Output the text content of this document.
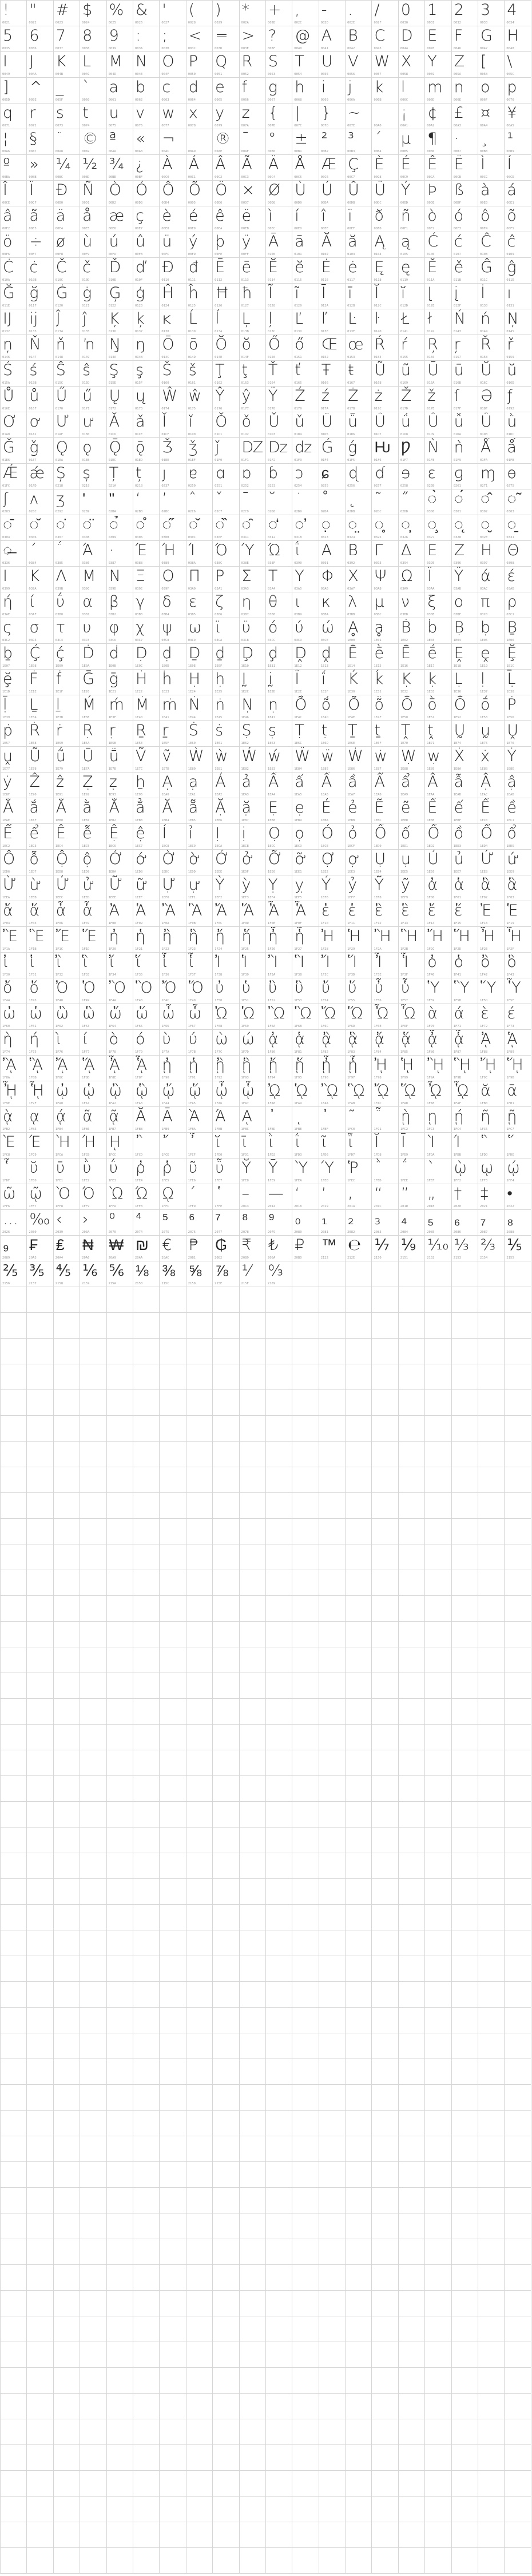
!
0021
"
0022
#
0023
$
0024
%
0025
&
0026
'
0027
(
0028
)
0029
*
002A
+
002B
,
002C
-
002D
.
002E
/
002F
0
0030
1
0031
2
0032
3
0033
4
0034
5
0035
6
0036
7
0037
8
0038
9
0039
:
003A
;
003B
<
003C
=
003D
>
003E
?
003F
@
0040
A
0041
B
0042
C
0043
D
0044
E
0045
F
0046
G
0047
H
0048
I
0049
J
004A
K
004B
L
004C
M
004D
N
004E
O
004F
P
0050
Q
0051
R
0052
S
0053
T
0054
U
0055
V
0056
W
0057
X
0058
Y
0059
Z
005A
[
005B
\
005C
]
005D
^
005E
_
005F
`
0060
a
0061
b
0062
c
0063
d
0064
e
0065
f
0066
g
0067
h
0068
i
0069
j
006A
k
006B
l
006C
m
006D
n
006E
o
006F
p
0070
q
0071
r
0072
s
0073
t
0074
u
0075
v
0076
w
0077
x
0078
y
0079
z
007A
{
007B
|
007C
}
007D
~
007E
	00A0
¡
00A1
¢
00A2
£
00A3
¤
00A4
¥
00A5
¦
00A6
§
00A7
¨
00A8
©
00A9
ª
00AA
«
00AB
¬
00AC	00AD
®
00AE
¯
00AF
°
00B0
±
00B1
²
00B2
³
00B3
´
00B4
µ
00B5
¶
00B6
·
00B7
¸
00B8
¹
00B9
º
00BA
»
00BB
¼
00BC
½
00BD
¾
00BE
¿
00BF
À
00C0
Á
00C1
Â
00C2
Ã
00C3
Ä
00C4
Å
00C5
Æ
00C6
Ç
00C7
È
00C8
É
00C9
Ê
00CA
Ë
00CB
Ì
00CC
Í
00CD
Î
00CE
Ï
00CF
Ð
00D0
Ñ
00D1
Ò
00D2
Ó
00D3
Ô
00D4
Õ
00D5
Ö
00D6
×
00D7
Ø
00D8
Ù
00D9
Ú
00DA
Û
00DB
Ü
00DC
Ý
00DD
Þ
00DE
ß
00DF
à
00E0
á
00E1
â
00E2
ã
00E3
ä
00E4
å
00E5
æ
00E6
ç
00E7
è
00E8
é
00E9
ê
00EA
ë
00EB
ì
00EC
í
00ED
î
00EE
ï
00EF
ð
00F0
ñ
00F1
ò
00F2
ó
00F3
ô
00F4
õ
00F5
ö
00F6
÷
00F7
ø
00F8
ù
00F9
ú
00FA
û
00FB
ü
00FC
ý
00FD
þ
00FE
ÿ
00FF
Ā
0100
ā
0101
Ă
0102
ă
0103
Ą
0104
ą
0105
Ć
0106
ć
0107
Ĉ
0108
ĉ
0109
Ċ
010A
ċ
010B
Č
010C
č
010D
Ď
010E
ď
010F
Đ
0110
đ
0111
Ē
0112
ē
0113
Ĕ
0114
ĕ
0115
Ė
0116
ė
0117
Ę
0118
ę
0119
Ě
011A
ě
011B
Ĝ
011C
ĝ
011D
Ğ
011E
ğ
011F
Ġ
0120
ġ
0121
Ģ
0122
ģ
0123
Ĥ
0124
ĥ
0125
Ħ
0126
ħ
0127
Ĩ
0128
ĩ
0129
Ī
012A
ī
012B
Ĭ
012C
ĭ
012D
Į
012E
į
012F
İ
0130
ı
0131
Ĳ
0132
ĳ
0133
Ĵ
0134
ĵ
0135
Ķ
0136
ķ
0137
ĸ
0138
Ĺ
0139
ĺ
013A
Ļ
013B
ļ
013C
Ľ
013D
ľ
013E
Ŀ
013F
ŀ
0140
Ł
0141
ł
0142
Ń
0143
ń
0144
Ņ
0145
ņ
0146
Ň
0147
ň
0148
ŉ
0149
Ŋ
014A
ŋ
014B
Ō
014C
ō
014D
Ŏ
014E
ŏ
014F
Ő
0150
ő
0151
Œ
0152
œ
0153
Ŕ
0154
ŕ
0155
Ŗ
0156
ŗ
0157
Ř
0158
ř
0159
Ś
015A
ś
015B
Ŝ
015C
ŝ
015D
Ş
015E
ş
015F
Š
0160
š
0161
Ţ
0162
ţ
0163
Ť
0164
ť
0165
Ŧ
0166
ŧ
0167
Ũ
0168
ũ
0169
Ū
016A
ū
016B
Ŭ
016C
ŭ
016D
Ů
016E
ů
016F
Ű
0170
ű
0171
Ų
0172
ų
0173
Ŵ
0174
ŵ
0175
Ŷ
0176
ŷ
0177
Ÿ
0178
Ź
0179
ź
017A
Ż
017B
ż
017C
Ž
017D
ž
017E
ſ
017F
Ə
018F
ƒ
0192
Ơ
01A0
ơ
01A1
Ư
01AF
ư
01B0
Ǎ
01CD
ǎ
01CE
Ǐ
01CF
ǐ
01D0
Ǒ
01D1
ǒ
01D2
Ǔ
01D3
ǔ
01D4
Ǖ
01D5
ǖ
01D6
Ǘ
01D7
ǘ
01D8
Ǚ
01D9
ǚ
01DA
Ǜ
01DB
ǜ
01DC
Ǧ
01E6
ǧ
01E7
Ǫ
01EA
ǫ
01EB
Ǭ
01EC
ǭ
01ED
Ǯ
01EE
ǯ
01EF
ǰ
01F0
Ǳ
01F1
ǲ
01F2
ǳ
01F3
Ǵ
01F4
ǵ
01F5
Ƕ
01F6
Ƿ
01F7
Ǹ
01F8
ǹ
01F9
Ǻ
01FA
ǻ
01FB
Ǽ
01FC
ǽ
01FD
Ș
0218
ș
0219
Ț
021A
ț
021B
ȷ
0237
ɐ
0250
ɑ
0251
ɒ
0252
ɓ
0253
ɔ
0254
ɕ
0255
ɖ
0256
ɗ
0257
ɘ
0258
ɛ
025B
ɡ
0261
ɱ
0271
ɵ
0275
ʃ
0283
ʌ
028C
ʒ
0292
ʹ
02B9
ʺ
02BA
ʻ
02BB
ʼ
02BC
ˆ
02C6
ˇ
02C7
ˉ
02C9
˘
02D8
˙
02D9
˚
02DA
˛
02DB
˜
02DC
˝
02DD
◌̀
0300
◌́
0301
◌̂
0302
◌̃
0303
◌̄
0304
◌̆
0306
◌̇
0307
◌̈
0308
◌̉
0309
◌̊
030A
◌̋
030B
◌̌
030C
◌̏
030F
◌̑
0311
◌̒
0312
◌̛
031B
◌̣
0323
◌̤
0324
◌̥
0325
◌̦
0326
◌̧
0327
◌̨
0328
◌̮
032E
◌̱
0331
◌̶
0336
΄
0384
΅
0385
Ά
0386
·
0387
Έ
0388
Ή
0389
Ί
038A
Ό
038C
Ύ
038E
Ώ
038F
ΐ
0390
Α
0391
Β
0392
Γ
0393
Δ
0394
Ε
0395
Ζ
0396
Η
0397
Θ
0398
Ι
0399
Κ
039A
Λ
039B
Μ
039C
Ν
039D
Ξ
039E
Ο
039F
Π
03A0
Ρ
03A1
Σ
03A3
Τ
03A4
Υ
03A5
Φ
03A6
Χ
03A7
Ψ
03A8
Ω
03A9
Ϊ
03AA
Ϋ
03AB
ά
03AC
έ
03AD
ή
03AE
ί
03AF
ΰ
03B0
α
03B1
β
03B2
γ
03B3
δ
03B4
ε
03B5
ζ
03B6
η
03B7
θ
03B8
ι
03B9
κ
03BA
λ
03BB
μ
03BC
ν
03BD
ξ
03BE
ο
03BF
π
03C0
ρ
03C1
ς
03C2
σ
03C3
τ
03C4
υ
03C5
φ
03C6
χ
03C7
ψ
03C8
ω
03C9
ϊ
03CA
ϋ
03CB
ό
03CC
ύ
03CD
ώ
03CE
Ḁ
1E00
ḁ
1E01
Ḃ
1E02
ḃ
1E03
Ḅ
1E04
ḅ
1E05
Ḇ
1E06
ḇ
1E07
Ḉ
1E08
ḉ
1E09
Ḋ
1E0A
ḋ
1E0B
Ḍ
1E0C
ḍ
1E0D
Ḏ
1E0E
ḏ
1E0F
Ḑ
1E10
ḑ
1E11
Ḓ
1E12
ḓ
1E13
Ḕ
1E14
ḕ
1E15
Ḗ
1E16
ḗ
1E17
Ḙ
1E18
ḙ
1E19
Ḝ
1E1C
ḝ
1E1D
Ḟ
1E1E
ḟ
1E1F
Ḡ
1E20
ḡ
1E21
Ḣ
1E22
ḣ
1E23
Ḥ
1E24
ḥ
1E25
Ḭ
1E2C
ḭ
1E2D
Ḯ
1E2E
ḯ
1E2F
Ḱ
1E30
ḱ
1E31
Ḳ
1E32
ḳ
1E33
Ḷ
1E36
ḷ
1E37
Ḹ
1E38
ḹ
1E39
Ḻ
1E3A
ḻ
1E3B
Ḿ
1E3E
ḿ
1E3F
Ṁ
1E40
ṁ
1E41
Ṅ
1E44
ṅ
1E45
Ṇ
1E46
ṇ
1E47
Ṍ
1E4C
ṍ
1E4D
Ṏ
1E4E
ṏ
1E4F
Ṑ
1E50
ṑ
1E51
Ṓ
1E52
ṓ
1E53
Ṗ
1E56
ṗ
1E57
Ṙ
1E58
ṙ
1E59
Ṛ
1E5A
ṛ
1E5B
Ṟ
1E5E
ṟ
1E5F
Ṡ
1E60
ṡ
1E61
Ṣ
1E62
ṣ
1E63
Ṭ
1E6C
ṭ
1E6D
Ṯ
1E6E
ṯ
1E6F
Ṱ
1E70
ṱ
1E71
Ṵ
1E74
ṵ
1E75
Ṷ
1E76
ṷ
1E77
Ṹ
1E78
ṹ
1E79
Ṻ
1E7A
ṻ
1E7B
Ṽ
1E7C
ṽ
1E7D
Ẁ
1E80
ẁ
1E81
Ẃ
1E82
ẃ
1E83
Ẅ
1E84
ẅ
1E85
Ẇ
1E86
ẇ
1E87
Ẉ
1E88
ẉ
1E89
Ẋ
1E8A
ẋ
1E8B
Ẏ
1E8E
ẏ
1E8F
Ẑ
1E90
ẑ
1E91
Ẓ
1E92
ẓ
1E93
ẖ
1E96
Ạ
1EA0
ạ
1EA1
Ả
1EA2
ả
1EA3
Ấ
1EA4
ấ
1EA5
Ầ
1EA6
ầ
1EA7
Ẩ
1EA8
ẩ
1EA9
Ẫ
1EAA
ẫ
1EAB
Ậ
1EAC
ậ
1EAD
Ắ
1EAE
ắ
1EAF
Ằ
1EB0
ằ
1EB1
Ẳ
1EB2
ẳ
1EB3
Ẵ
1EB4
ẵ
1EB5
Ặ
1EB6
ặ
1EB7
Ẹ
1EB8
ẹ
1EB9
Ẻ
1EBA
ẻ
1EBB
Ẽ
1EBC
ẽ
1EBD
Ế
1EBE
ế
1EBF
Ề
1EC0
ề
1EC1
Ể
1EC2
ể
1EC3
Ễ
1EC4
ễ
1EC5
Ệ
1EC6
ệ
1EC7
Ỉ
1EC8
ỉ
1EC9
Ị
1ECA
ị
1ECB
Ọ
1ECC
ọ
1ECD
Ỏ
1ECE
ỏ
1ECF
Ố
1ED0
ố
1ED1
Ồ
1ED2
ồ
1ED3
Ổ
1ED4
ổ
1ED5
Ỗ
1ED6
ỗ
1ED7
Ộ
1ED8
ộ
1ED9
Ớ
1EDA
ớ
1EDB
Ờ
1EDC
ờ
1EDD
Ở
1EDE
ở
1EDF
Ỡ
1EE0
ỡ
1EE1
Ợ
1EE2
ợ
1EE3
Ụ
1EE4
ụ
1EE5
Ủ
1EE6
ủ
1EE7
Ứ
1EE8
ứ
1EE9
Ừ
1EEA
ừ
1EEB
Ử
1EEC
ử
1EED
Ữ
1EEE
ữ
1EEF
Ự
1EF0
ự
1EF1
Ỳ
1EF2
ỳ
1EF3
Ỵ
1EF4
ỵ
1EF5
Ỷ
1EF6
ỷ
1EF7
Ỹ
1EF8
ỹ
1EF9
ἀ
1F00
ἁ
1F01
ἂ
1F02
ἃ
1F03
ἄ
1F04
ἅ
1F05
ἆ
1F06
ἇ
1F07
Ἀ
1F08
Ἁ
1F09
Ἂ
1F0A
Ἃ
1F0B
Ἄ
1F0C
Ἅ
1F0D
Ἆ
1F0E
Ἇ
1F0F
ἐ
1F10
ἑ
1F11
ἒ
1F12
ἓ
1F13
ἔ
1F14
ἕ
1F15
Ἐ
1F18
Ἑ
1F19
Ἒ
1F1A
Ἓ
1F1B
Ἔ
1F1C
Ἕ
1F1D
ἠ
1F20
ἡ
1F21
ἢ
1F22
ἣ
1F23
ἤ
1F24
ἥ
1F25
ἦ
1F26
ἧ
1F27
Ἠ
1F28
Ἡ
1F29
Ἢ
1F2A
Ἣ
1F2B
Ἤ
1F2C
Ἥ
1F2D
Ἦ
1F2E
Ἧ
1F2F
ἰ
1F30
ἱ
1F31
ἲ
1F32
ἳ
1F33
ἴ
1F34
ἵ
1F35
ἶ
1F36
ἷ
1F37
Ἰ
1F38
Ἱ
1F39
Ἲ
1F3A
Ἳ
1F3B
Ἴ
1F3C
Ἵ
1F3D
Ἶ
1F3E
Ἷ
1F3F
ὀ
1F40
ὁ
1F41
ὂ
1F42
ὃ
1F43
ὄ
1F44
ὅ
1F45
Ὀ
1F48
Ὁ
1F49
Ὂ
1F4A
Ὃ
1F4B
Ὄ
1F4C
Ὅ
1F4D
ὐ
1F50
ὑ
1F51
ὒ
1F52
ὓ
1F53
ὔ
1F54
ὕ
1F55
ὖ
1F56
ὗ
1F57
Ὑ
1F59
Ὓ
1F5B
Ὕ
1F5D
Ὗ
1F5F
ὠ
1F60
ὡ
1F61
ὢ
1F62
ὣ
1F63
ὤ
1F64
ὥ
1F65
ὦ
1F66
ὧ
1F67
Ὠ
1F68
Ὡ
1F69
Ὢ
1F6A
Ὣ
1F6B
Ὤ
1F6C
Ὥ
1F6D
Ὦ
1F6E
Ὧ
1F6F
ὰ
1F70
ά
1F71
ὲ
1F72
έ
1F73
ὴ
1F74
ή
1F75
ὶ
1F76
ί
1F77
ὸ
1F78
ό
1F79
ὺ
1F7A
ύ
1F7B
ὼ
1F7C
ώ
1F7D
ᾀ
1F80
ᾁ
1F81
ᾂ
1F82
ᾃ
1F83
ᾄ
1F84
ᾅ
1F85
ᾆ
1F86
ᾇ
1F87
ᾈ
1F88
ᾉ
1F89
ᾊ
1F8A
ᾋ
1F8B
ᾌ
1F8C
ᾍ
1F8D
ᾎ
1F8E
ᾏ
1F8F
ᾐ
1F90
ᾑ
1F91
ᾒ
1F92
ᾓ
1F93
ᾔ
1F94
ᾕ
1F95
ᾖ
1F96
ᾗ
1F97
ᾘ
1F98
ᾙ
1F99
ᾚ
1F9A
ᾛ
1F9B
ᾜ
1F9C
ᾝ
1F9D
ᾞ
1F9E
ᾟ
1F9F
ᾠ
1FA0
ᾡ
1FA1
ᾢ
1FA2
ᾣ
1FA3
ᾤ
1FA4
ᾥ
1FA5
ᾦ
1FA6
ᾧ
1FA7
ᾨ
1FA8
ᾩ
1FA9
ᾪ
1FAA
ᾫ
1FAB
ᾬ
1FAC
ᾭ
1FAD
ᾮ
1FAE
ᾯ
1FAF
ᾰ
1FB0
ᾱ
1FB1
ᾲ
1FB2
ᾳ
1FB3
ᾴ
1FB4
ᾶ
1FB6
ᾷ
1FB7
Ᾰ
1FB8
Ᾱ
1FB9
Ὰ
1FBA
Ά
1FBB
ᾼ
1FBC
᾽
1FBD
ι
1FBE
᾿
1FBF
῀
1FC0
῁
1FC1
ῂ
1FC2
ῃ
1FC3
ῄ
1FC4
ῆ
1FC6
ῇ
1FC7
Ὲ
1FC8
Έ
1FC9
Ὴ
1FCA
Ή
1FCB
ῌ
1FCC
῍
1FCD
῎
1FCE
῏
1FCF
ῐ
1FD0
ῑ
1FD1
ῒ
1FD2
ΐ
1FD3
ῖ
1FD6
ῗ
1FD7
Ῐ
1FD8
Ῑ
1FD9
Ὶ
1FDA
Ί
1FDB
῝
1FDD
῞
1FDE
῟
1FDF
ῠ
1FE0
ῡ
1FE1
ῢ
1FE2
ΰ
1FE3
ῤ
1FE4
ῥ
1FE5
ῦ
1FE6
ῧ
1FE7
Ῠ
1FE8
Ῡ
1FE9
Ὺ
1FEA
Ύ
1FEB
Ῥ
1FEC
῭
1FED
΅
1FEE
`
1FEF
ῲ
1FF2
ῳ
1FF3
ῴ
1FF4
ῶ
1FF6
ῷ
1FF7
Ὸ
1FF8
Ό
1FF9
Ὼ
1FFA
Ώ
1FFB
ῼ
1FFC
´
1FFD
῾
1FFE
–
2013
—
2014
‘
2018
’
2019
‚
201A
“
201C
”
201D
„
201E
†
2020
‡
2021
•
2022
…
2026
‰
2030
‹
2039
›
203A
⁰
2070
⁴
2074
⁵
2075
⁶
2076
⁷
2077
⁸
2078
⁹
2079
₀
2080
₁
2081
₂
2082
₃
2083
₄
2084
₅
2085
₆
2086
₇
2087
₈
2088
₉
2089
₣
20A3
₤
20A4
₦
20A6
₩
20A9
₪
20AA
€
20AC
₱
20B1
₲
20B2
₹
20B9
₺
20BA
₽
20BD
™
2122
℮
212E
⅐
2150
⅑
2151
⅒
2152
⅓
2153
⅔
2154
⅕
2155
⅖
2156
⅗
2157
⅘
2158
⅙
2159
⅚
215A
⅛
215B
⅜
215C
⅝
215D
⅞
215E
⅟
215F
↉
2189
